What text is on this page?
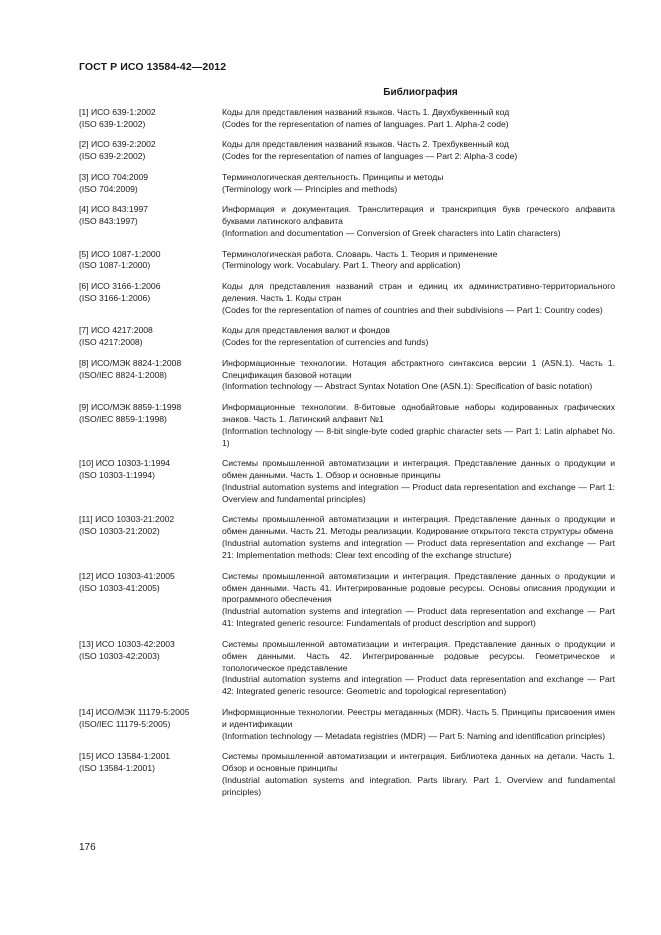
ГОСТ Р ИСО 13584-42—2012
Библиография
[1] ИСО 639-1:2002
(ISO 639-1:2002)
Коды для представления названий языков. Часть 1. Двухбуквенный код
(Codes for the representation of names of languages. Part 1. Alpha-2 code)
[2] ИСО 639-2:2002
(ISO 639-2:2002)
Коды для представления названий языков. Часть 2. Трехбуквенный код
(Codes for the representation of names of languages — Part 2: Alpha-3 code)
[3] ИСО 704:2009
(ISO 704:2009)
Терминологическая деятельность. Принципы и методы
(Terminology work — Principles and methods)
[4] ИСО 843:1997
(ISO 843:1997)
Информация и документация. Транслитерация и транскрипция букв греческого алфавита буквами латинского алфавита
(Information and documentation — Conversion of Greek characters into Latin characters)
[5] ИСО 1087-1:2000
(ISO 1087-1:2000)
Терминологическая работа. Словарь. Часть 1. Теория и применение
(Terminology work. Vocabulary. Part 1. Theory and application)
[6] ИСО 3166-1:2006
(ISO 3166-1:2006)
Коды для представления названий стран и единиц их административно-территориального деления. Часть 1. Коды стран
(Codes for the representation of names of countries and their subdivisions — Part 1: Country codes)
[7] ИСО 4217:2008
(ISO 4217:2008)
Коды для представления валют и фондов
(Codes for the representation of currencies and funds)
[8] ИСО/МЭК 8824-1:2008
(ISO/IEC 8824-1:2008)
Информационные технологии. Нотация абстрактного синтаксиса версии 1 (ASN.1). Часть 1. Спецификация базовой нотации
(Information technology — Abstract Syntax Notation One (ASN.1): Specification of basic notation)
[9] ИСО/МЭК 8859-1:1998
(ISO/IEC 8859-1:1998)
Информационные технологии. 8-битовые однобайтовые наборы кодированных графических знаков. Часть 1. Латинский алфавит №1
(Information technology — 8-bit single-byte coded graphic character sets — Part 1: Latin alphabet No. 1)
[10] ИСО 10303-1:1994
(ISO 10303-1:1994)
Системы промышленной автоматизации и интеграция. Представление данных о продукции и обмен данными. Часть 1. Обзор и основные принципы
(Industrial automation systems and integration — Product data representation and exchange — Part 1: Overview and fundamental principles)
[11] ИСО 10303-21:2002
(ISO 10303-21:2002)
Системы промышленной автоматизации и интеграция. Представление данных о продукции и обмен данными. Часть 21. Методы реализации. Кодирование открытого текста структуры обмена
(Industrial automation systems and integration — Product data representation and exchange — Part 21: Implementation methods: Clear text encoding of the exchange structure)
[12] ИСО 10303-41:2005
(ISO 10303-41:2005)
Системы промышленной автоматизации и интеграция. Представление данных о продукции и обмен данными. Часть 41. Интегрированные родовые ресурсы. Основы описания продукции и программного обеспечения
(Industrial automation systems and integration — Product data representation and exchange — Part 41: Integrated generic resource: Fundamentals of product description and support)
[13] ИСО 10303-42:2003
(ISO 10303-42:2003)
Системы промышленной автоматизации и интеграция. Представление данных о продукции и обмен данными. Часть 42. Интегрированные родовые ресурсы. Геометрическое и топологическое представление
(Industrial automation systems and integration — Product data representation and exchange — Part 42: Integrated generic resource: Geometric and topological representation)
[14] ИСО/МЭК 11179-5:2005
(ISO/IEC 11179-5:2005)
Информационные технологии. Реестры метаданных (MDR). Часть 5. Принципы присвоения имен и идентификации
(Information technology — Metadata registries (MDR) — Part 5: Naming and identification principles)
[15] ИСО 13584-1:2001
(ISO 13584-1:2001)
Системы промышленной автоматизации и интеграция. Библиотека данных на детали. Часть 1. Обзор и основные принципы
(Industrial automation systems and integration. Parts library. Part 1. Overview and fundamental principles)
176
